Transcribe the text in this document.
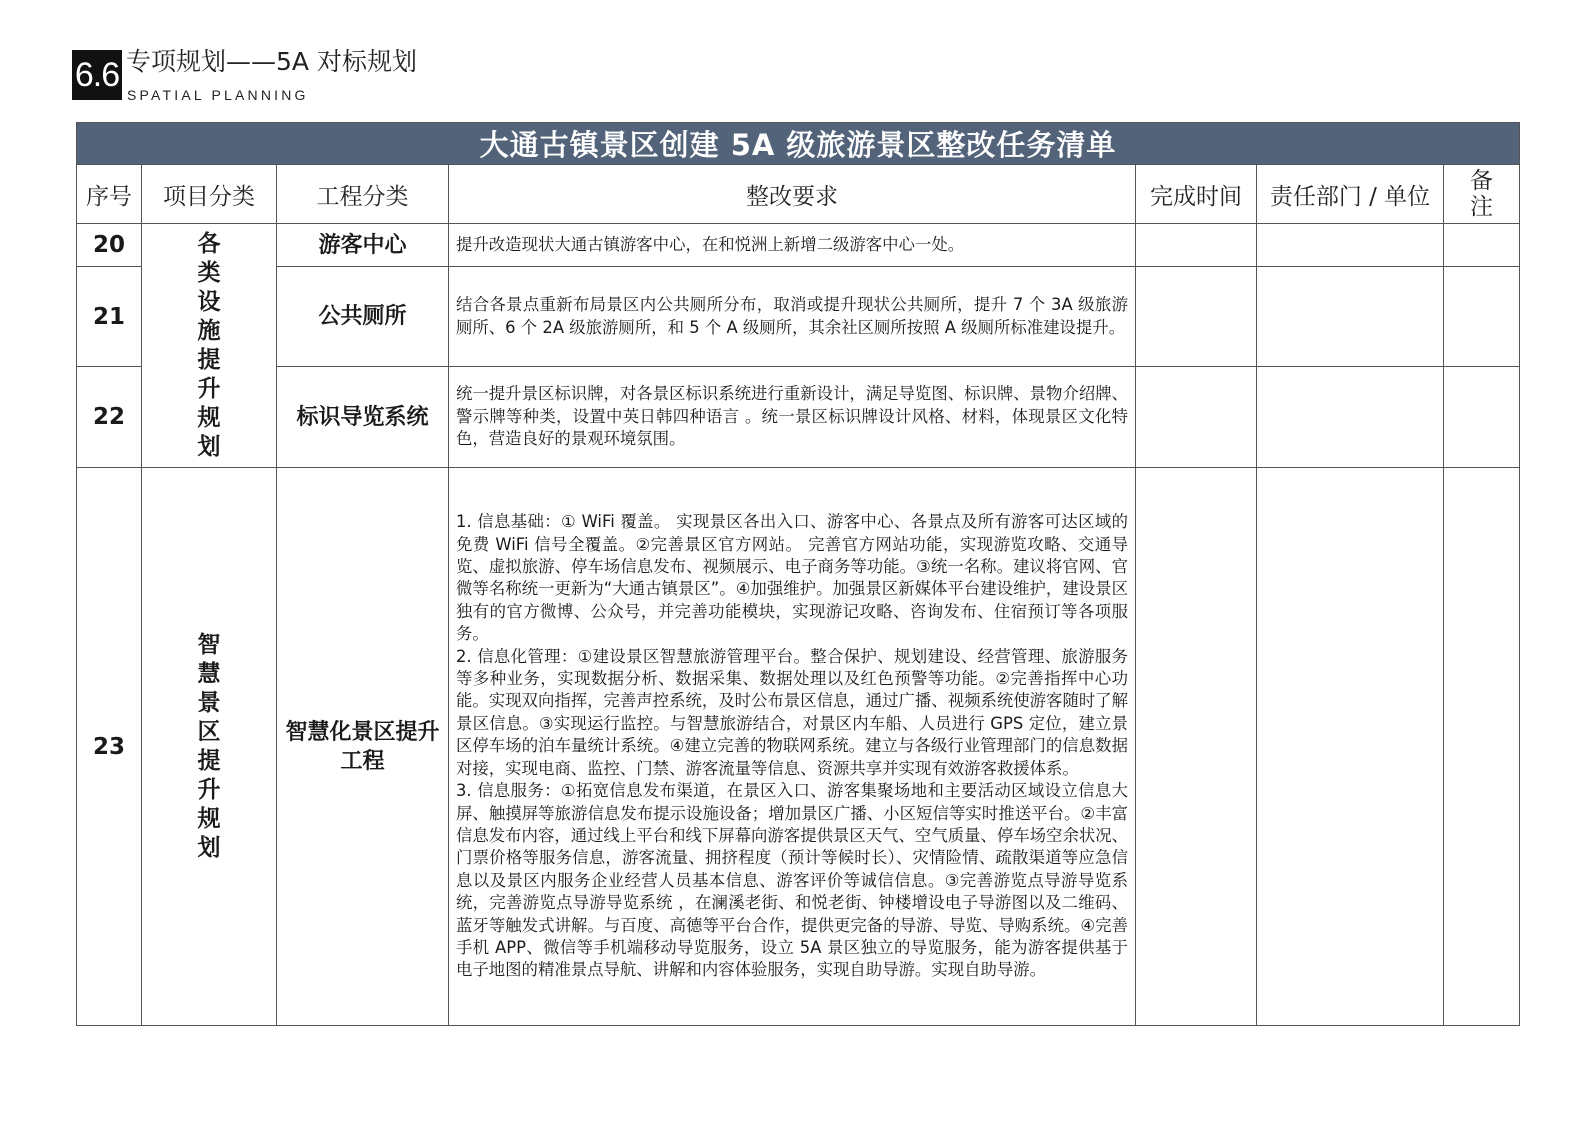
6.6 专项规划——5A 对标规划
SPATIAL PLANNING
大通古镇景区创建 5A 级旅游景区整改任务清单						
序号	项目分类	工程分类	整改要求	完成时间	责任部门 / 单位	备注
20	各类设施提升规划	游客中心	提升改造现状大通古镇游客中心，在和悦洲上新增二级游客中心一处。			
21		公共厕所	结合各景点重新布局景区内公共厕所分布，取消或提升现状公共厕所，提升 7 个 3A 级旅游厕所、6 个 2A 级旅游厕所，和 5 个 A 级厕所，其余社区厕所按照 A 级厕所标准建设提升。			
22		标识导览系统	统一提升景区标识牌，对各景区标识系统进行重新设计，满足导览图、标识牌、景物介绍牌、警示牌等种类，设置中英日韩四种语言 。统一景区标识牌设计风格、材料，体现景区文化特色，营造良好的景观环境氛围。			
23	智慧景区提升规划	智慧化景区提升工程	1. 信息基础：① WiFi 覆盖。 实现景区各出入口、游客中心、各景点及所有游客可达区域的免费 WiFi 信号全覆盖。②完善景区官方网站。 完善官方网站功能，实现游览攻略、交通导览、虚拟旅游、停车场信息发布、视频展示、电子商务等功能。③统一名称。建议将官网、官微等名称统一更新为“大通古镇景区”。④加强维护。加强景区新媒体平台建设维护，建设景区独有的官方微博、公众号，并完善功能模块，实现游记攻略、咨询发布、住宿预订等各项服务。

2. 信息化管理：①建设景区智慧旅游管理平台。整合保护、规划建设、经营管理、旅游服务等多种业务，实现数据分析、数据采集、数据处理以及红色预警等功能。②完善指挥中心功能。实现双向指挥，完善声控系统，及时公布景区信息，通过广播、视频系统使游客随时了解景区信息。③实现运行监控。与智慧旅游结合，对景区内车船、人员进行 GPS 定位，建立景区停车场的泊车量统计系统。④建立完善的物联网系统。建立与各级行业管理部门的信息数据对接，实现电商、监控、门禁、游客流量等信息、资源共享并实现有效游客救援体系。

3. 信息服务：①拓宽信息发布渠道，在景区入口、游客集聚场地和主要活动区域设立信息大屏、触摸屏等旅游信息发布提示设施设备；增加景区广播、小区短信等实时推送平台。②丰富信息发布内容，通过线上平台和线下屏幕向游客提供景区天气、空气质量、停车场空余状况、门票价格等服务信息，游客流量、拥挤程度（预计等候时长）、灾情险情、疏散渠道等应急信息以及景区内服务企业经营人员基本信息、游客评价等诚信信息。③完善游览点导游导览系统，完善游览点导游导览系统 ，在澜溪老街、和悦老街、钟楼增设电子导游图以及二维码、蓝牙等触发式讲解。与百度、高德等平台合作，提供更完备的导游、导览、导购系统。④完善手机 APP、微信等手机端移动导览服务，设立 5A 景区独立的导览服务，能为游客提供基于电子地图的精准景点导航、讲解和内容体验服务，实现自助导游。实现自助导游。			
